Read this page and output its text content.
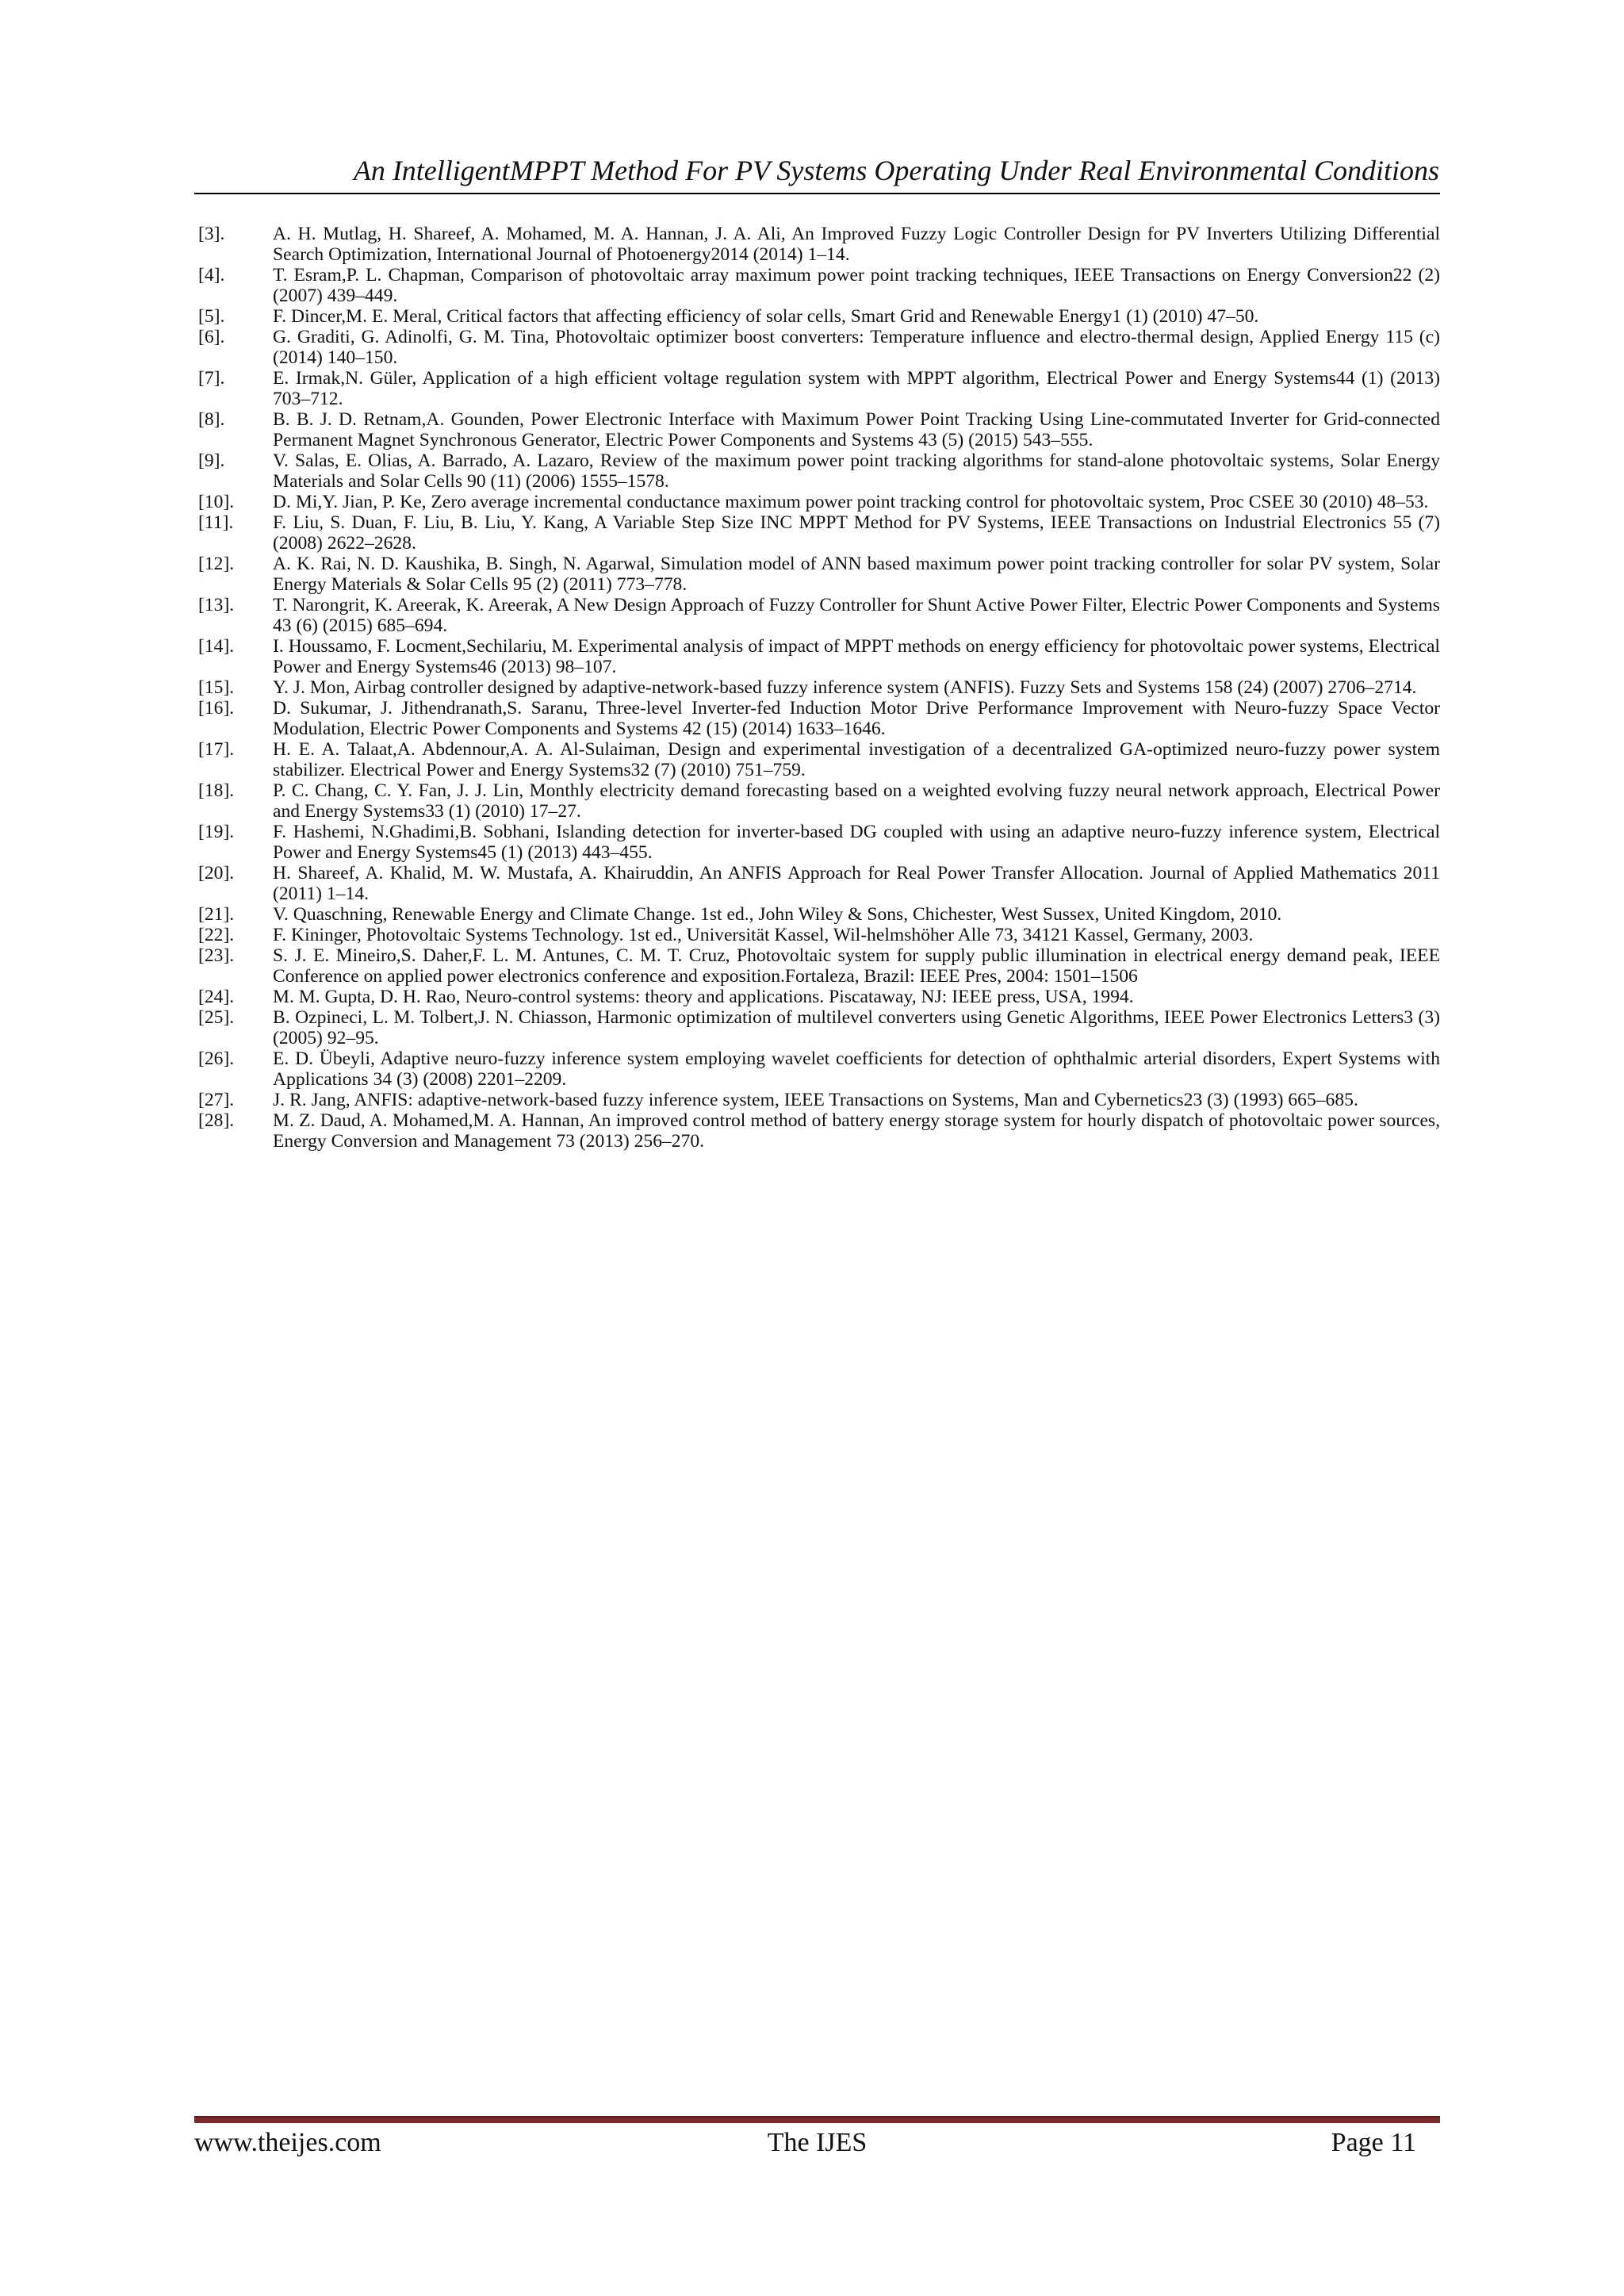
An IntelligentMPPT Method For PV Systems Operating Under Real Environmental Conditions
[3].	A. H. Mutlag, H. Shareef, A. Mohamed, M. A. Hannan, J. A. Ali, An Improved Fuzzy Logic Controller Design for PV Inverters Utilizing Differential Search Optimization, International Journal of Photoenergy2014 (2014) 1–14.
[4].	T. Esram,P. L. Chapman, Comparison of photovoltaic array maximum power point tracking techniques, IEEE Transactions on Energy Conversion22 (2) (2007) 439–449.
[5].	F. Dincer,M. E. Meral, Critical factors that affecting efficiency of solar cells, Smart Grid and Renewable Energy1 (1) (2010) 47–50.
[6].	G. Graditi, G. Adinolfi, G. M. Tina, Photovoltaic optimizer boost converters: Temperature influence and electro-thermal design, Applied Energy 115 (c) (2014) 140–150.
[7].	E. Irmak,N. Güler, Application of a high efficient voltage regulation system with MPPT algorithm, Electrical Power and Energy Systems44 (1) (2013) 703–712.
[8].	B. B. J. D. Retnam,A. Gounden, Power Electronic Interface with Maximum Power Point Tracking Using Line-commutated Inverter for Grid-connected Permanent Magnet Synchronous Generator, Electric Power Components and Systems 43 (5) (2015) 543–555.
[9].	V. Salas, E. Olias, A. Barrado, A. Lazaro, Review of the maximum power point tracking algorithms for stand-alone photovoltaic systems, Solar Energy Materials and Solar Cells 90 (11) (2006) 1555–1578.
[10].	D. Mi,Y. Jian, P. Ke, Zero average incremental conductance maximum power point tracking control for photovoltaic system, Proc CSEE 30 (2010) 48–53.
[11].	F. Liu, S. Duan, F. Liu, B. Liu, Y. Kang, A Variable Step Size INC MPPT Method for PV Systems, IEEE Transactions on Industrial Electronics 55 (7) (2008) 2622–2628.
[12].	A. K. Rai, N. D. Kaushika, B. Singh, N. Agarwal, Simulation model of ANN based maximum power point tracking controller for solar PV system, Solar Energy Materials & Solar Cells 95 (2) (2011) 773–778.
[13].	T. Narongrit, K. Areerak, K. Areerak, A New Design Approach of Fuzzy Controller for Shunt Active Power Filter, Electric Power Components and Systems 43 (6) (2015) 685–694.
[14].	I. Houssamo, F. Locment,Sechilariu, M. Experimental analysis of impact of MPPT methods on energy efficiency for photovoltaic power systems, Electrical Power and Energy Systems46 (2013) 98–107.
[15].	Y. J. Mon, Airbag controller designed by adaptive-network-based fuzzy inference system (ANFIS). Fuzzy Sets and Systems 158 (24) (2007) 2706–2714.
[16].	D. Sukumar, J. Jithendranath,S. Saranu, Three-level Inverter-fed Induction Motor Drive Performance Improvement with Neuro-fuzzy Space Vector Modulation, Electric Power Components and Systems 42 (15) (2014) 1633–1646.
[17].	H. E. A. Talaat,A. Abdennour,A. A. Al-Sulaiman, Design and experimental investigation of a decentralized GA-optimized neuro-fuzzy power system stabilizer. Electrical Power and Energy Systems32 (7) (2010) 751–759.
[18].	P. C. Chang, C. Y. Fan, J. J. Lin, Monthly electricity demand forecasting based on a weighted evolving fuzzy neural network approach, Electrical Power and Energy Systems33 (1) (2010) 17–27.
[19].	F. Hashemi, N.Ghadimi,B. Sobhani, Islanding detection for inverter-based DG coupled with using an adaptive neuro-fuzzy inference system, Electrical Power and Energy Systems45 (1) (2013) 443–455.
[20].	H. Shareef, A. Khalid, M. W. Mustafa, A. Khairuddin, An ANFIS Approach for Real Power Transfer Allocation. Journal of Applied Mathematics 2011 (2011) 1–14.
[21].	V. Quaschning, Renewable Energy and Climate Change. 1st ed., John Wiley & Sons, Chichester, West Sussex, United Kingdom, 2010.
[22].	F. Kininger, Photovoltaic Systems Technology. 1st ed., Universität Kassel, Wil-helmshöher Alle 73, 34121 Kassel, Germany, 2003.
[23].	S. J. E. Mineiro,S. Daher,F. L. M. Antunes, C. M. T. Cruz, Photovoltaic system for supply public illumination in electrical energy demand peak, IEEE Conference on applied power electronics conference and exposition.Fortaleza, Brazil: IEEE Pres, 2004: 1501–1506
[24].	M. M. Gupta, D. H. Rao, Neuro-control systems: theory and applications. Piscataway, NJ: IEEE press, USA, 1994.
[25].	B. Ozpineci, L. M. Tolbert,J. N. Chiasson, Harmonic optimization of multilevel converters using Genetic Algorithms, IEEE Power Electronics Letters3 (3) (2005) 92–95.
[26].	E. D. Übeyli, Adaptive neuro-fuzzy inference system employing wavelet coefficients for detection of ophthalmic arterial disorders, Expert Systems with Applications 34 (3) (2008) 2201–2209.
[27].	J. R. Jang, ANFIS: adaptive-network-based fuzzy inference system, IEEE Transactions on Systems, Man and Cybernetics23 (3) (1993) 665–685.
[28].	M. Z. Daud, A. Mohamed,M. A. Hannan, An improved control method of battery energy storage system for hourly dispatch of photovoltaic power sources, Energy Conversion and Management 73 (2013) 256–270.
www.theijes.com	The IJES	Page 11
